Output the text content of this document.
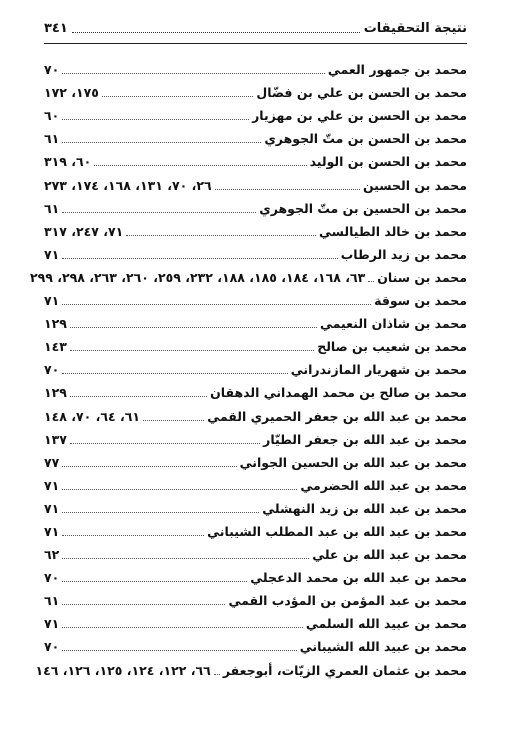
نتيجة التحقيقات
٣٤١
محمد بن جمهور العمي
٧٠
محمد بن الحسن بن علي بن فضّال
١٧٥، ١٧٢
محمد بن الحسن بن علي بن مهزيار
٦٠
محمد بن الحسن بن متّ الجوهري
٦١
محمد بن الحسن بن الوليد
٦٠، ٣١٩
محمد بن الحسين
٢٦، ٧٠، ١٣١، ١٦٨، ١٧٤، ٢٧٣
محمد بن الحسين بن متّ الجوهري
٦١
محمد بن خالد الطيالسي
٧١، ٢٤٧، ٣١٧
محمد بن زيد الرطاب
٧١
محمد بن سنان
٦٣، ١٦٨، ١٨٤، ١٨٥، ١٨٨، ٢٣٢، ٢٥٩، ٢٦٠، ٢٦٣، ٢٩٨، ٢٩٩
محمد بن سوقة
٧١
محمد بن شاذان النعيمي
١٢٩
محمد بن شعيب بن صالح
١٤٣
محمد بن شهريار المازندراني
٧٠
محمد بن صالح بن محمد الهمداني الدهقان
١٢٩
محمد بن عبد الله بن جعفر الحميري القمي
٦١، ٦٤، ٧٠، ١٤٨
محمد بن عبد الله بن جعفر الطيّار
١٣٧
محمد بن عبد الله بن الحسين الجواني
٧٧
محمد بن عبد الله الحضرمي
٧١
محمد بن عبد الله بن زيد النهشلي
٧١
محمد بن عبد الله بن عبد المطلب الشيباني
٧١
محمد بن عبد الله بن علي
٦٢
محمد بن عبد الله بن محمد الدعجلي
٧٠
محمد بن عبد المؤمن بن المؤدب القمي
٦١
محمد بن عبيد الله السلمي
٧١
محمد بن عبيد الله الشيباني
٧٠
محمد بن عثمان العمري الزيّات، أبوجعفر
٦٦، ١٢٢، ١٢٤، ١٢٥، ١٢٦، ١٤٦
